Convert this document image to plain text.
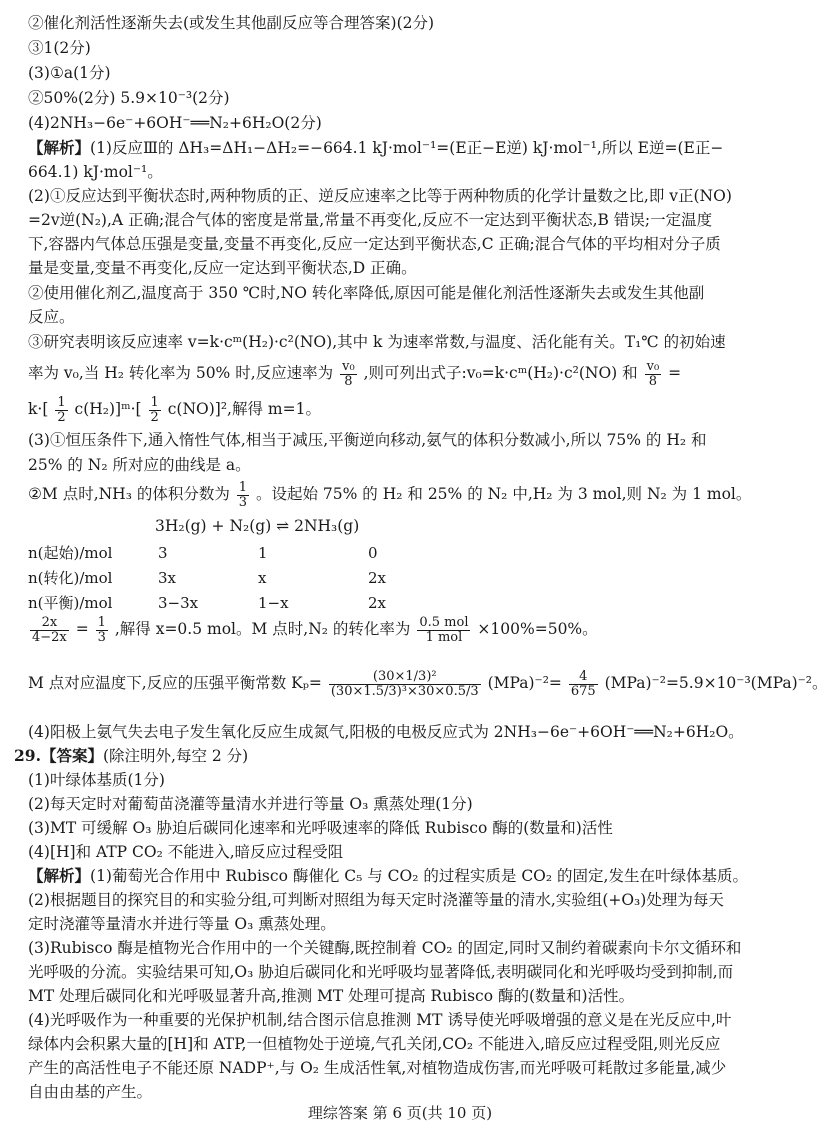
②催化剂活性逐渐失去(或发生其他副反应等合理答案)(2分)
③1(2分)
(3)①a(1分)
②50%(2分) 5.9×10⁻³(2分)
(4)2NH₃−6e⁻+6OH⁻══N₂+6H₂O(2分)
【解析】(1)反应Ⅲ的 ΔH₃=ΔH₁−ΔH₂=−664.1 kJ·mol⁻¹=(E正−E逆) kJ·mol⁻¹,所以 E逆=(E正−
664.1) kJ·mol⁻¹。
(2)①反应达到平衡状态时,两种物质的正、逆反应速率之比等于两种物质的化学计量数之比,即 v正(NO)
=2v逆(N₂),A 正确;混合气体的密度是常量,常量不再变化,反应不一定达到平衡状态,B 错误;一定温度
下,容器内气体总压强是变量,变量不再变化,反应一定达到平衡状态,C 正确;混合气体的平均相对分子质
量是变量,变量不再变化,反应一定达到平衡状态,D 正确。
②使用催化剂乙,温度高于 350 ℃时,NO 转化率降低,原因可能是催化剂活性逐渐失去或发生其他副
反应。
③研究表明该反应速率 v=k·cᵐ(H₂)·c²(NO),其中 k 为速率常数,与温度、活化能有关。T₁℃ 的初始速
率为 v₀,当 H₂ 转化率为 50% 时,反应速率为 $\frac{\text{v₀}}{8}$ ,则可列出式子:v₀=k·cᵐ(H₂)·c²(NO) 和 $\frac{\text{v₀}}{8}$ =
$k\cdot[ \frac{1}{2}$ c(H₂)]ᵐ·[ $\frac{1}{2} c(NO)]^2$,解得 m=1。
(3)①恒压条件下,通入惰性气体,相当于减压,平衡逆向移动,氨气的体积分数减小,所以 75% 的 H₂ 和
25% 的 N₂ 所对应的曲线是 a。
②M 点时,NH₃ 的体积分数为 $\frac{1}{3}$ 。设起始 75% 的 H₂ 和 25% 的 N₂ 中,H₂ 为 3 mol,则 N₂ 为 1 mol。
3H₂(g) + N₂(g) ⇌ 2NH₃(g)
n(起始)/mol	3	1	0
n(转化)/mol	3x	x	2x
n(平衡)/mol	3−3x	1−x	2x
$\frac{2x}{4-2x} = \frac{1}{3}$ ,解得 x=0.5 mol。M 点时,N₂ 的转化率为 $\frac{\text{0.5 mol}}{\text{1 mol}} \times 100\%=50\%$。
M 点对应温度下,反应的压强平衡常数 $K_p= \frac{\text{(30×1/3)²}}{\text{(30×1.5/3)³×30×0.5/3}} (MPa)^{-2}= \frac{4}{675} (MPa)^{-2}=5.9\times 10^{-3}(MPa)^{-2}$。
(4)阳极上氨气失去电子发生氧化反应生成氮气,阳极的电极反应式为 2NH₃−6e⁻+6OH⁻══N₂+6H₂O。
29.【答案】(除注明外,每空 2 分)
(1)叶绿体基质(1分)
(2)每天定时对葡萄苗浇灌等量清水并进行等量 O₃ 熏蒸处理(1分)
(3)MT 可缓解 O₃ 胁迫后碳同化速率和光呼吸速率的降低 Rubisco 酶的(数量和)活性
(4)[H]和 ATP CO₂ 不能进入,暗反应过程受阻
【解析】(1)葡萄光合作用中 Rubisco 酶催化 C₅ 与 CO₂ 的过程实质是 CO₂ 的固定,发生在叶绿体基质。
(2)根据题目的探究目的和实验分组,可判断对照组为每天定时浇灌等量的清水,实验组(+O₃)处理为每天
定时浇灌等量清水并进行等量 O₃ 熏蒸处理。
(3)Rubisco 酶是植物光合作用中的一个关键酶,既控制着 CO₂ 的固定,同时又制约着碳素向卡尔文循环和
光呼吸的分流。实验结果可知,O₃ 胁迫后碳同化和光呼吸均显著降低,表明碳同化和光呼吸均受到抑制,而
MT 处理后碳同化和光呼吸显著升高,推测 MT 处理可提高 Rubisco 酶的(数量和)活性。
(4)光呼吸作为一种重要的光保护机制,结合图示信息推测 MT 诱导使光呼吸增强的意义是在光反应中,叶
绿体内会积累大量的[H]和 ATP,一但植物处于逆境,气孔关闭,CO₂ 不能进入,暗反应过程受阻,则光反应
产生的高活性电子不能还原 NADP⁺,与 O₂ 生成活性氧,对植物造成伤害,而光呼吸可耗散过多能量,减少
自由由基的产生。
理综答案 第 6 页(共 10 页)
